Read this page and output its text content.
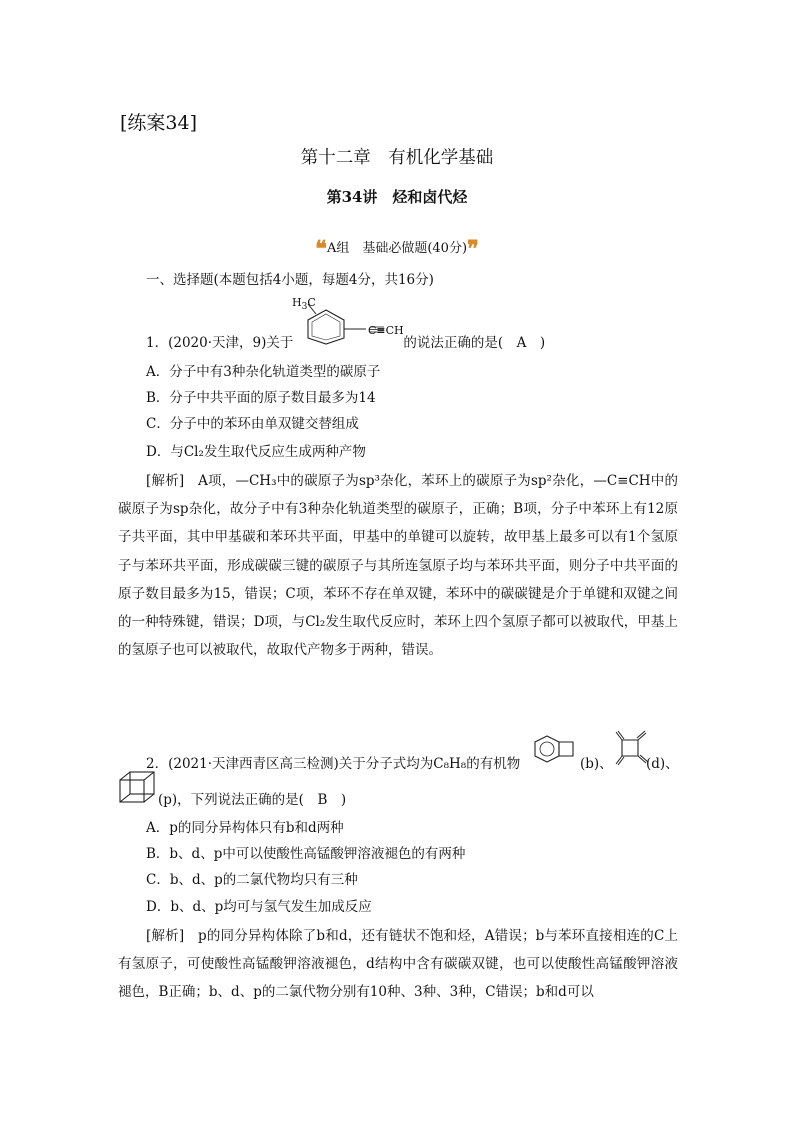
[练案34]
第十二章　有机化学基础
第34讲　烃和卤代烃
❝A组　基础必做题(40分)❞
一、选择题(本题包括4小题，每题4分，共16分)
1．(2020·天津，9)关于	的说法正确的是(　A　)
$H_3C$
C≡CH
A．分子中有3种杂化轨道类型的碳原子
B．分子中共平面的原子数目最多为14
C．分子中的苯环由单双键交替组成
D．与Cl₂发生取代反应生成两种产物
[解析]　A项，—CH₃中的碳原子为sp³杂化，苯环上的碳原子为sp²杂化，—C≡CH中的碳原子为sp杂化，故分子中有3种杂化轨道类型的碳原子，正确；B项，分子中苯环上有12原子共平面，其中甲基碳和苯环共平面，甲基中的单键可以旋转，故甲基上最多可以有1个氢原子与苯环共平面，形成碳碳三键的碳原子与其所连氢原子均与苯环共平面，则分子中共平面的原子数目最多为15，错误；C项，苯环不存在单双键，苯环中的碳碳键是介于单键和双键之间的一种特殊键，错误；D项，与Cl₂发生取代反应时，苯环上四个氢原子都可以被取代，甲基上的氢原子也可以被取代，故取代产物多于两种，错误。
2．(2021·天津西青区高三检测)关于分子式均为C₈H₈的有机物	(b)、 (d)、
(p)，下列说法正确的是(　B　)
A．p的同分异构体只有b和d两种
B．b、d、p中可以使酸性高锰酸钾溶液褪色的有两种
C．b、d、p的二氯代物均只有三种
D．b、d、p均可与氢气发生加成反应
[解析]　p的同分异构体除了b和d，还有链状不饱和烃，A错误；b与苯环直接相连的C上有氢原子，可使酸性高锰酸钾溶液褪色，d结构中含有碳碳双键，也可以使酸性高锰酸钾溶液褪色，B正确；b、d、p的二氯代物分别有10种、3种、3种，C错误；b和d可以
